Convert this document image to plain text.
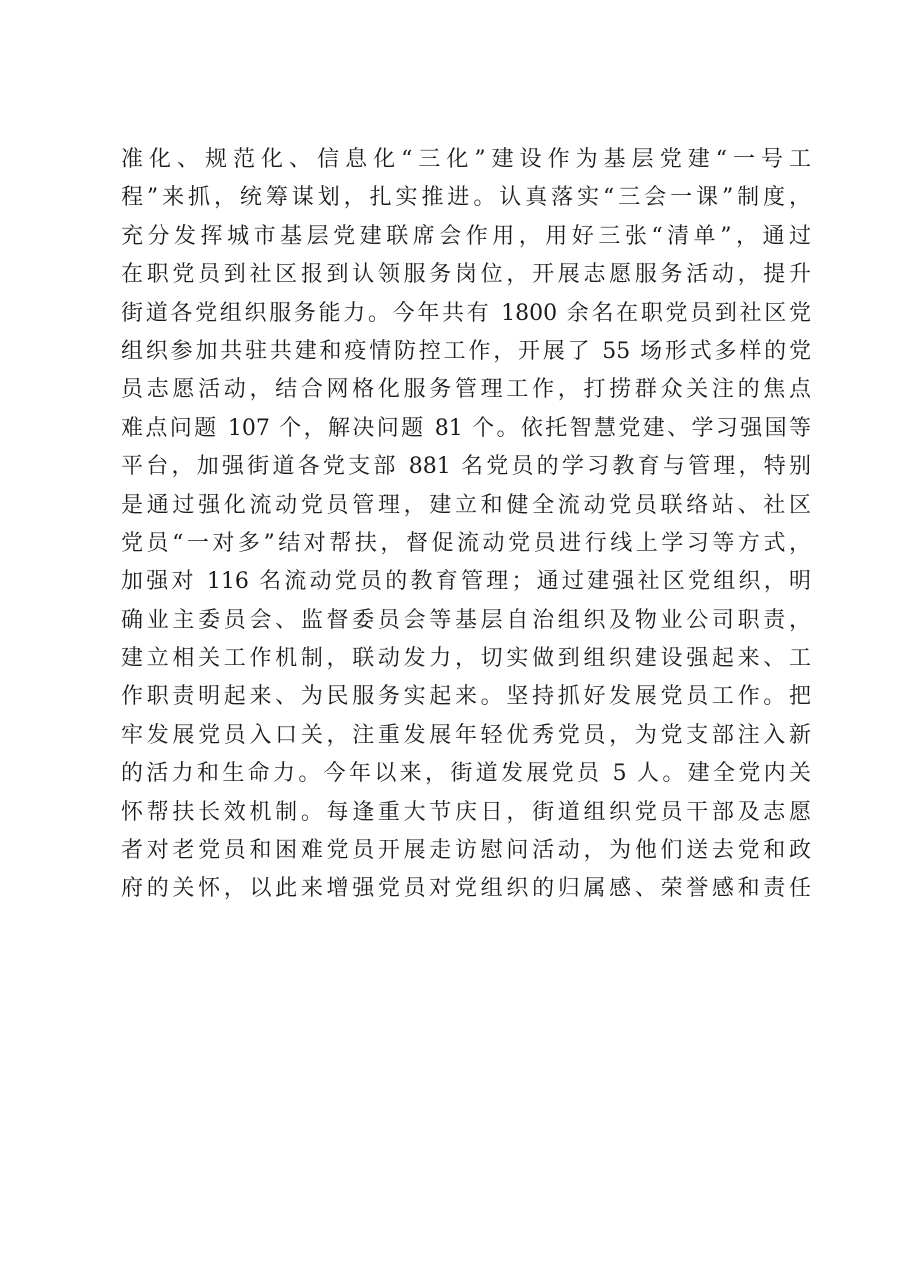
准化、规范化、信息化“三化”建设作为基层党建“一号工
程”来抓，统筹谋划，扎实推进。认真落实“三会一课”制度，
充分发挥城市基层党建联席会作用，用好三张“清单”，通过
在职党员到社区报到认领服务岗位，开展志愿服务活动，提升
街道各党组织服务能力。今年共有 1800 余名在职党员到社区党
组织参加共驻共建和疫情防控工作，开展了 55 场形式多样的党
员志愿活动，结合网格化服务管理工作，打捞群众关注的焦点
难点问题 107 个，解决问题 81 个。依托智慧党建、学习强国等
平台，加强街道各党支部 881 名党员的学习教育与管理，特别
是通过强化流动党员管理，建立和健全流动党员联络站、社区
党员“一对多”结对帮扶，督促流动党员进行线上学习等方式，
加强对 116 名流动党员的教育管理；通过建强社区党组织，明
确业主委员会、监督委员会等基层自治组织及物业公司职责，
建立相关工作机制，联动发力，切实做到组织建设强起来、工
作职责明起来、为民服务实起来。坚持抓好发展党员工作。把
牢发展党员入口关，注重发展年轻优秀党员，为党支部注入新
的活力和生命力。今年以来，街道发展党员 5 人。建全党内关
怀帮扶长效机制。每逢重大节庆日，街道组织党员干部及志愿
者对老党员和困难党员开展走访慰问活动，为他们送去党和政
府的关怀，以此来增强党员对党组织的归属感、荣誉感和责任
